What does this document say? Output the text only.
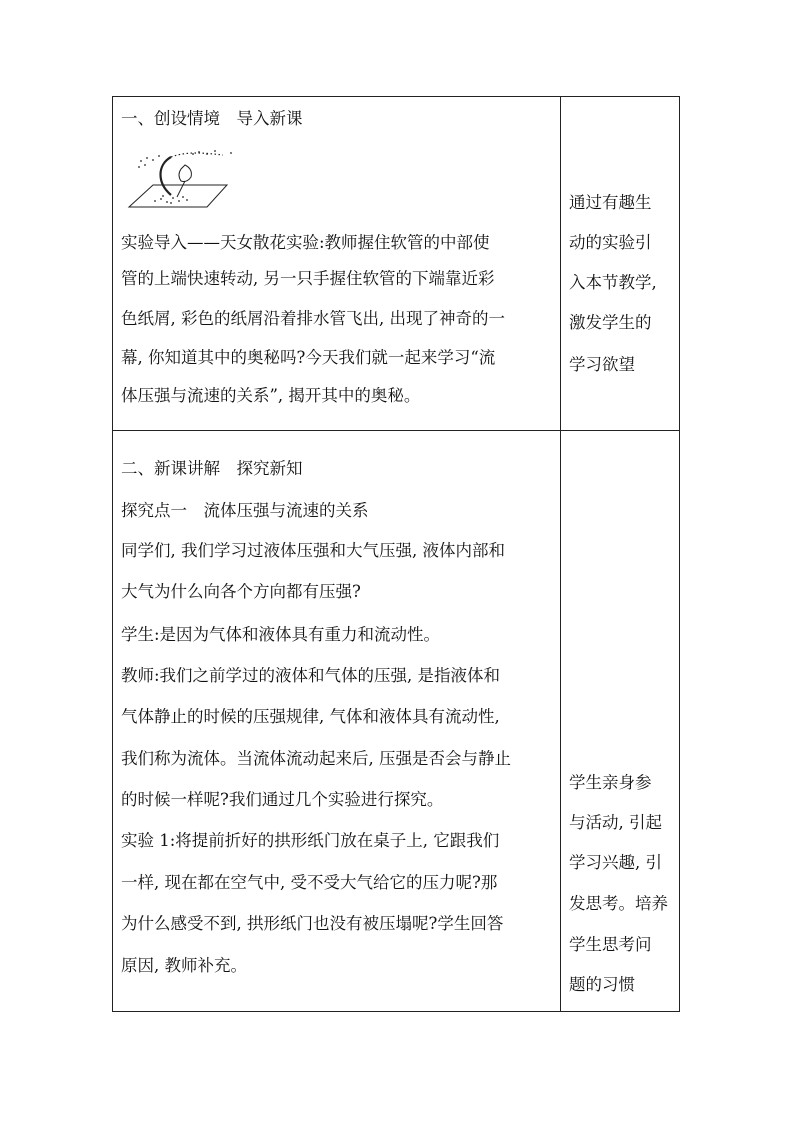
一、创设情境　导入新课
实验导入——天女散花实验:教师握住软管的中部使
管的上端快速转动, 另一只手握住软管的下端靠近彩
色纸屑, 彩色的纸屑沿着排水管飞出, 出现了神奇的一
幕, 你知道其中的奥秘吗?今天我们就一起来学习“流
体压强与流速的关系”, 揭开其中的奥秘。
通过有趣生
动的实验引
入本节教学,
激发学生的
学习欲望
二、新课讲解　探究新知
探究点一　流体压强与流速的关系
同学们, 我们学习过液体压强和大气压强, 液体内部和
大气为什么向各个方向都有压强?
学生:是因为气体和液体具有重力和流动性。
教师:我们之前学过的液体和气体的压强, 是指液体和
气体静止的时候的压强规律, 气体和液体具有流动性,
我们称为流体。当流体流动起来后, 压强是否会与静止
的时候一样呢?我们通过几个实验进行探究。
实验 1:将提前折好的拱形纸门放在桌子上, 它跟我们
一样, 现在都在空气中, 受不受大气给它的压力呢?那
为什么感受不到, 拱形纸门也没有被压塌呢?学生回答
原因, 教师补充。
学生亲身参
与活动, 引起
学习兴趣, 引
发思考。培养
学生思考问
题的习惯
